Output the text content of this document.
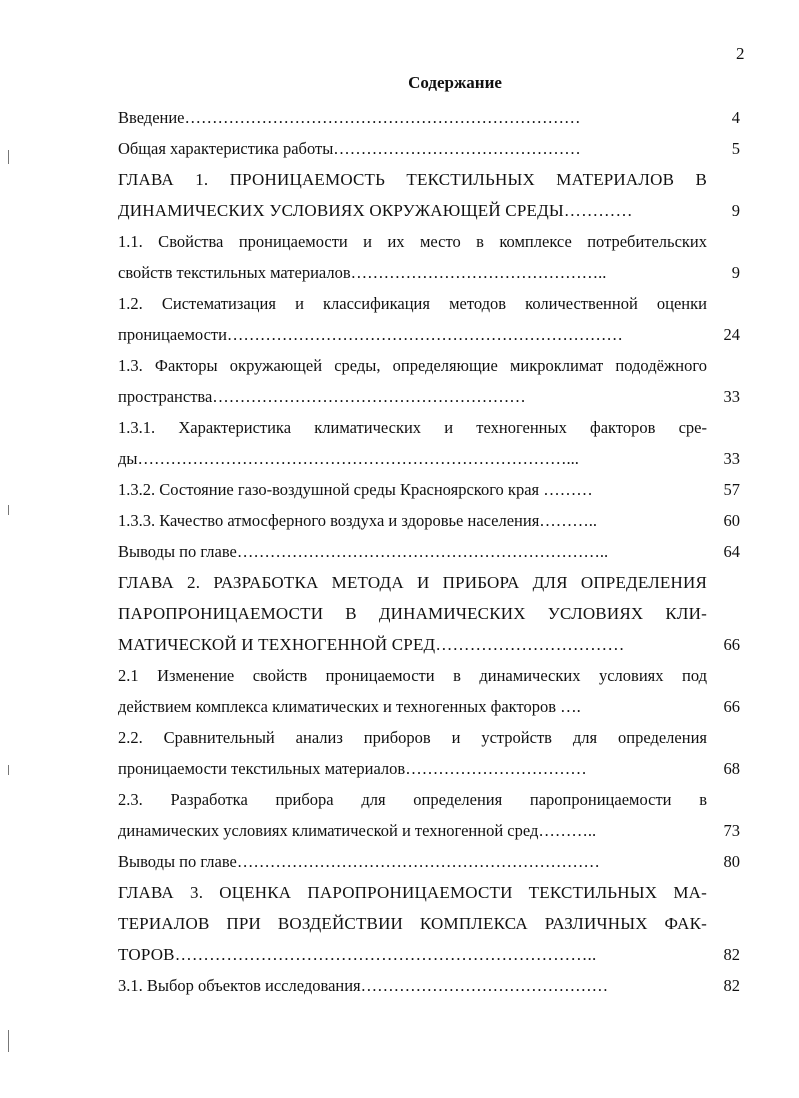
2
Содержание
Введение………………………………………………………………	4
Общая характеристика работы………………………………………	5
ГЛАВА 1. ПРОНИЦАЕМОСТЬ ТЕКСТИЛЬНЫХ МАТЕРИАЛОВ В
ДИНАМИЧЕСКИХ УСЛОВИЯХ ОКРУЖАЮЩЕЙ СРЕДЫ…………	9
1.1. Свойства проницаемости и их место в комплексе потребительских
свойств текстильных материалов………………………………………..	9
1.2. Систематизация и классификация методов количественной оценки
проницаемости………………………………………………………………	24
1.3. Факторы окружающей среды, определяющие микроклимат пододёжного
пространства…………………………………………………	33
1.3.1. Характеристика климатических и техногенных факторов сре-
ды……………………………………………………………………...	33
1.3.2. Состояние газо-воздушной среды Красноярского края ………	57
1.3.3. Качество атмосферного воздуха и здоровье населения………..	60
Выводы по главе…………………………………………………………..	64
ГЛАВА 2. РАЗРАБОТКА МЕТОДА И ПРИБОРА ДЛЯ ОПРЕДЕЛЕНИЯ
ПАРОПРОНИЦАЕМОСТИ В ДИНАМИЧЕСКИХ УСЛОВИЯХ КЛИ-
МАТИЧЕСКОЙ И ТЕХНОГЕННОЙ СРЕД……………………………	66
2.1 Изменение свойств проницаемости в динамических условиях под
действием комплекса климатических и техногенных факторов ….	66
2.2. Сравнительный анализ приборов и устройств для определения
проницаемости текстильных материалов……………………………	68
2.3. Разработка прибора для определения паропроницаемости в
динамических условиях климатической и техногенной сред………..	73
Выводы по главе…………………………………………………………	80
ГЛАВА 3. ОЦЕНКА ПАРОПРОНИЦАЕМОСТИ ТЕКСТИЛЬНЫХ МА-
ТЕРИАЛОВ ПРИ ВОЗДЕЙСТВИИ КОМПЛЕКСА РАЗЛИЧНЫХ ФАК-
ТОРОВ………………………………………………………………..	82
3.1. Выбор объектов исследования………………………………………	82
